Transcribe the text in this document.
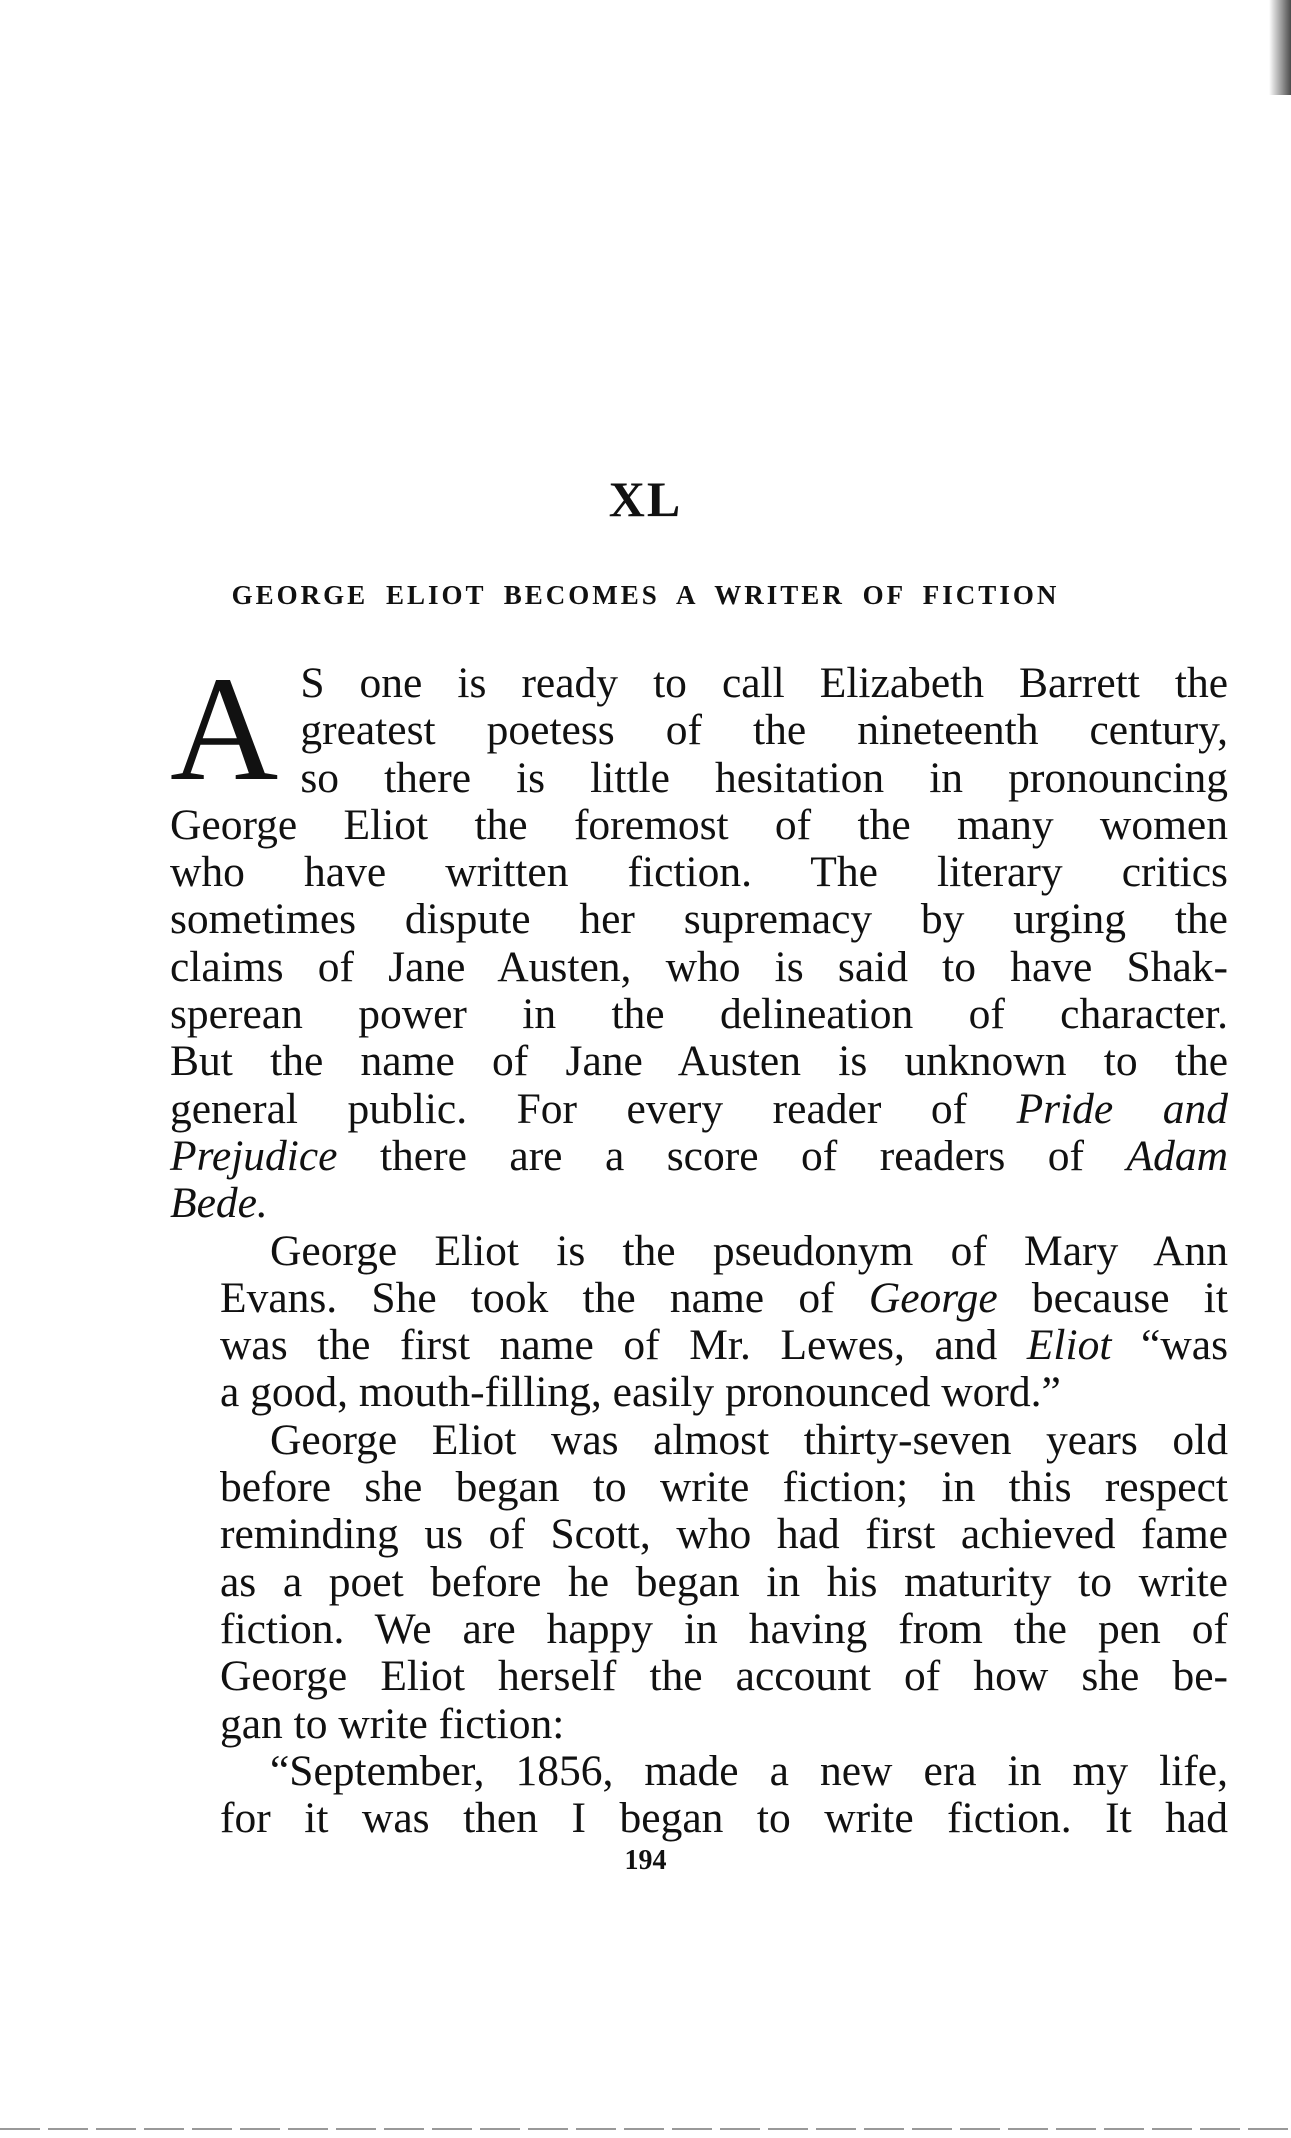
XL
GEORGE ELIOT BECOMES A WRITER OF FICTION

A S one is ready to call Elizabeth Barrett the
greatest poetess of the nineteenth century,
so there is little hesitation in pronouncing
George Eliot the foremost of the many women
who have written fiction. The literary critics
sometimes dispute her supremacy by urging the
claims of Jane Austen, who is said to have Shak-
sperean power in the delineation of character.
But the name of Jane Austen is unknown to the
general public. For every reader of Pride and
Prejudice there are a score of readers of Adam
Bede.

George Eliot is the pseudonym of Mary Ann
Evans. She took the name of George because it
was the first name of Mr. Lewes, and Eliot “was
a good, mouth-filling, easily pronounced word.”

George Eliot was almost thirty-seven years old
before she began to write fiction; in this respect
reminding us of Scott, who had first achieved fame
as a poet before he began in his maturity to write
fiction. We are happy in having from the pen of
George Eliot herself the account of how she be-
gan to write fiction:

“September, 1856, made a new era in my life,
for it was then I began to write fiction. It had

194
